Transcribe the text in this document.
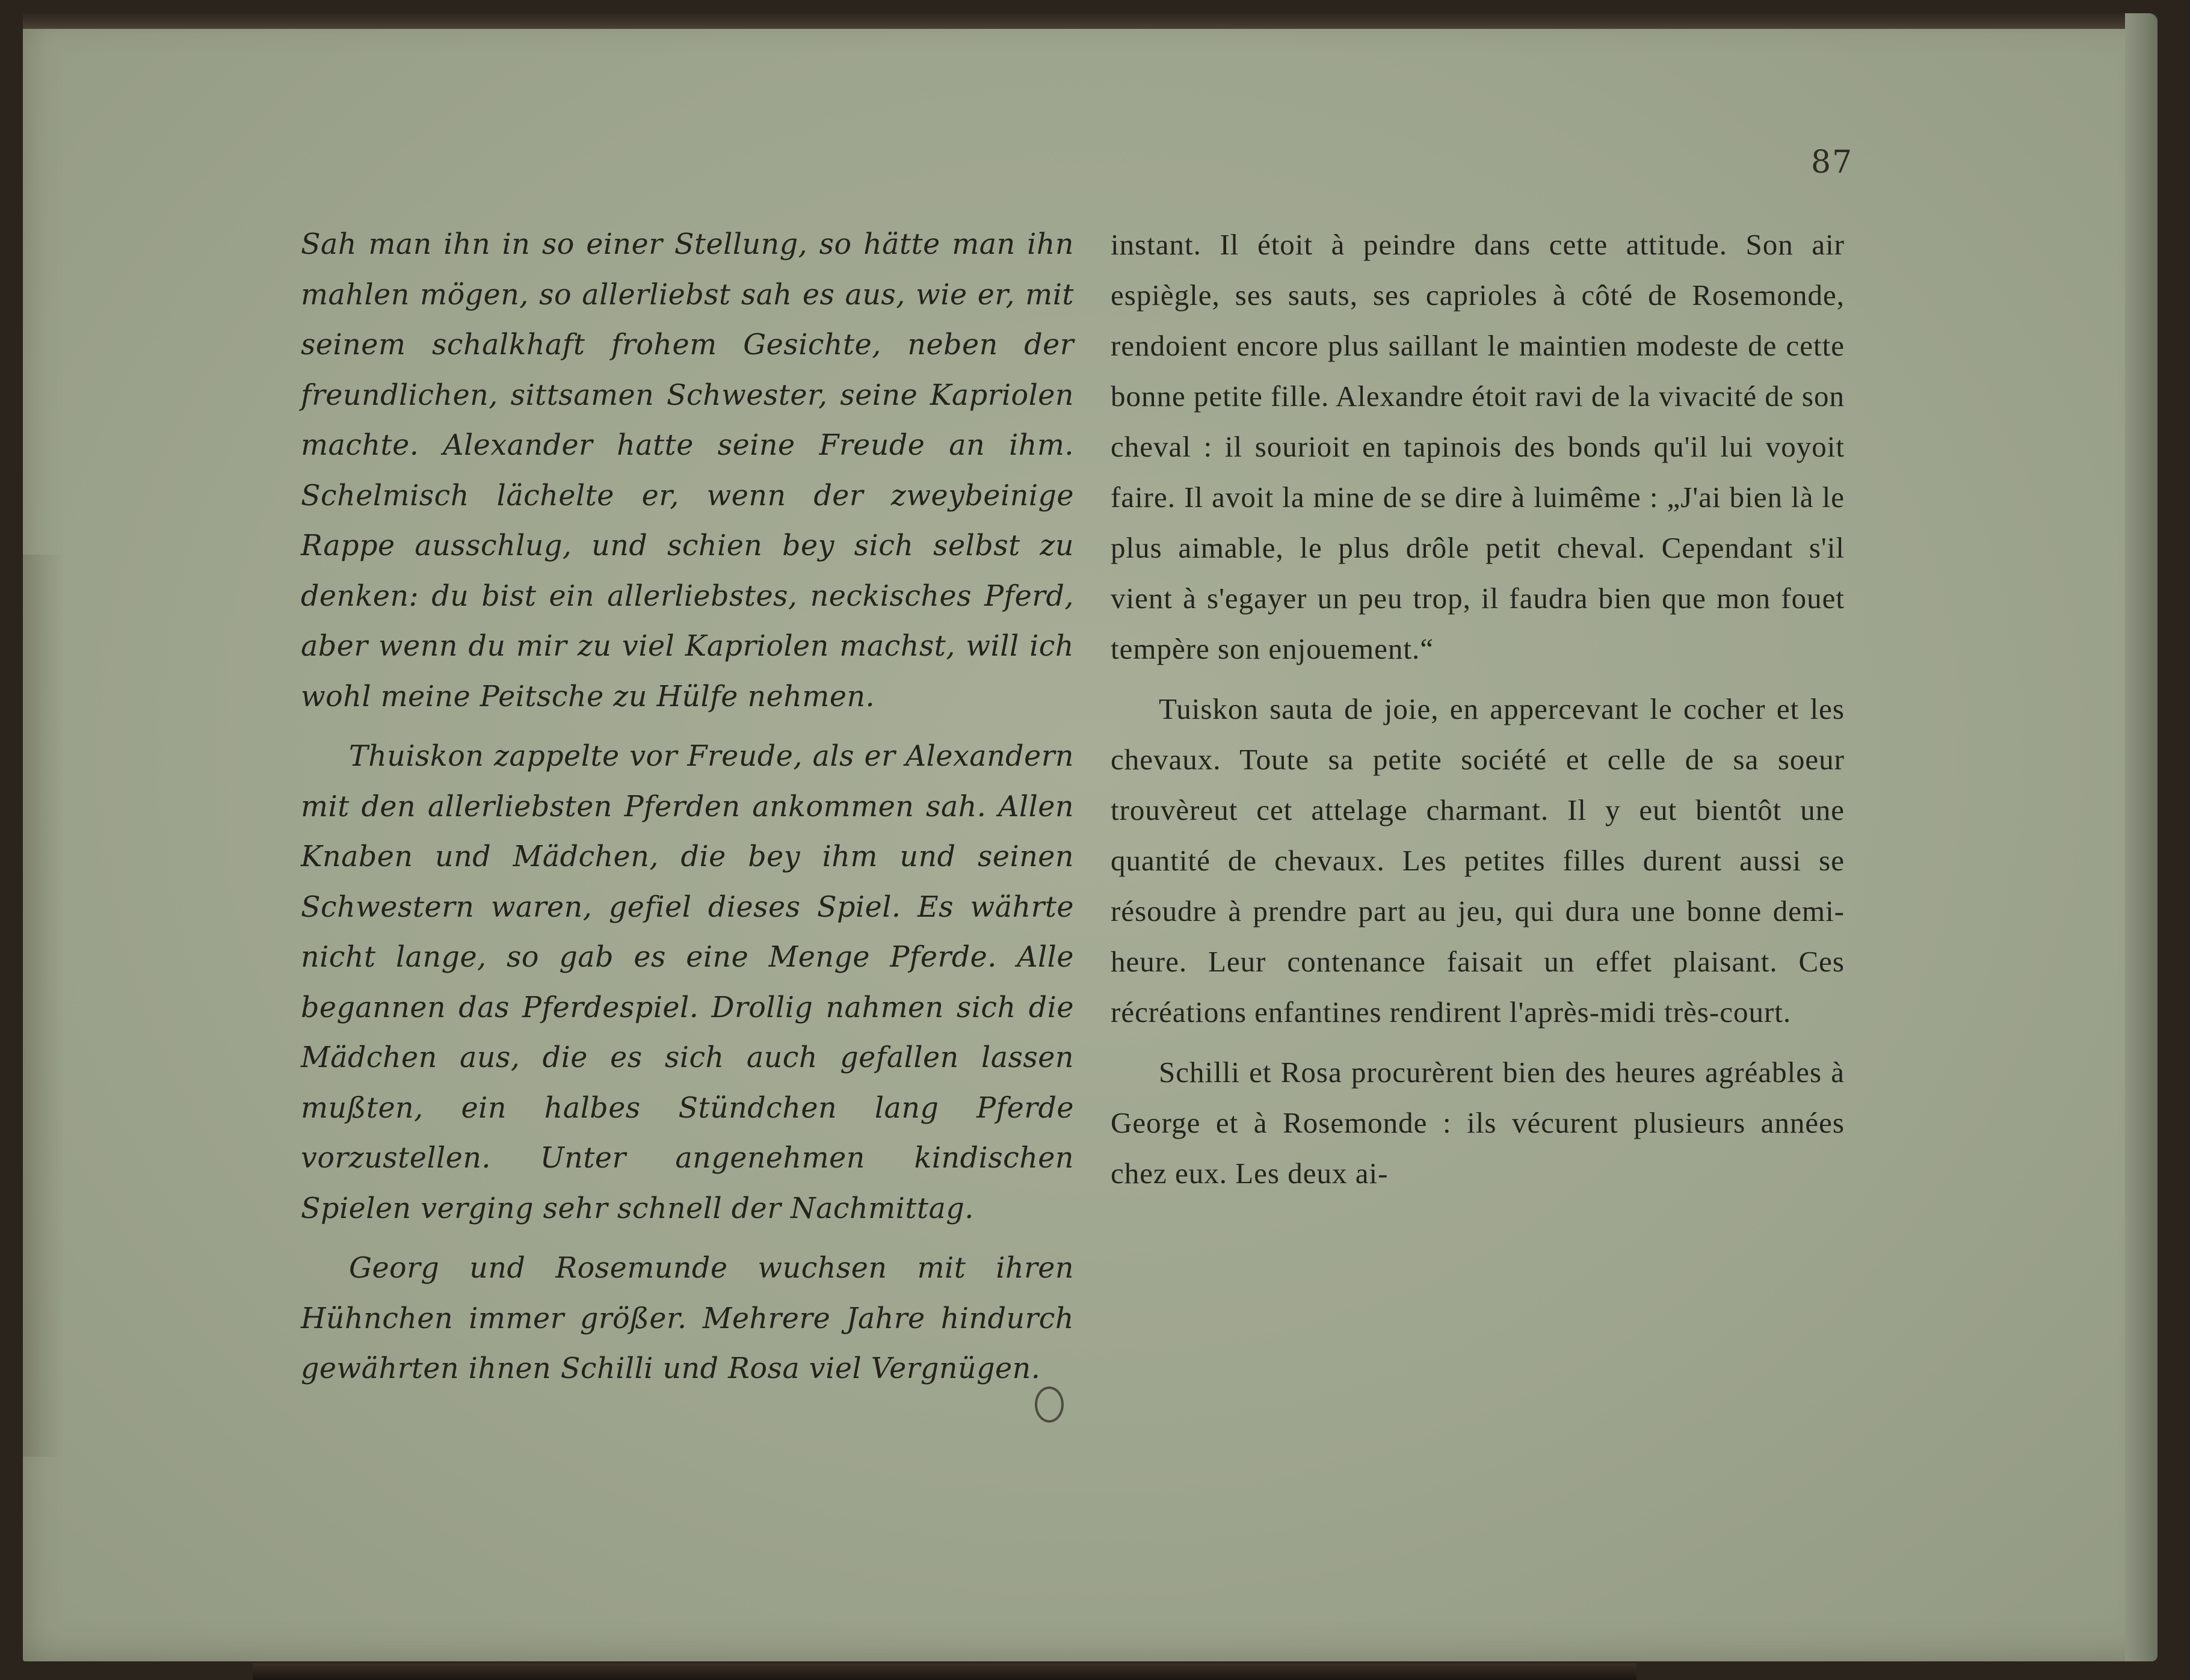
87

Sah man ihn in so einer Stellung, so hätte man ihn mahlen mögen, so allerliebst sah es aus, wie er, mit seinem schalkhaft frohem Gesichte, neben der freundlichen, sittsamen Schwester, seine Kapriolen machte. Alexander hatte seine Freude an ihm. Schelmisch lächelte er, wenn der zweybeinige Rappe ausschlug, und schien bey sich selbst zu denken: du bist ein allerliebstes, neckisches Pferd, aber wenn du mir zu viel Kapriolen machst, will ich wohl meine Peitsche zu Hülfe nehmen.

Thuiskon zappelte vor Freude, als er Alexandern mit den allerliebsten Pferden ankommen sah. Allen Knaben und Mädchen, die bey ihm und seinen Schwestern waren, gefiel dieses Spiel. Es währte nicht lange, so gab es eine Menge Pferde. Alle begannen das Pferdespiel. Drollig nahmen sich die Mädchen aus, die es sich auch gefallen lassen mußten, ein halbes Stündchen lang Pferde vorzustellen. Unter angenehmen kindischen Spielen verging sehr schnell der Nachmittag.

Georg und Rosemunde wuchsen mit ihren Hühnchen immer größer. Mehrere Jahre hindurch gewährten ihnen Schilli und Rosa viel Vergnügen.

instant. Il étoit à peindre dans cette attitude. Son air espiègle, ses sauts, ses caprioles à côté de Rosemonde, rendoient encore plus saillant le maintien modeste de cette bonne petite fille. Alexandre étoit ravi de la vivacité de son cheval : il sourioit en tapinois des bonds qu'il lui voyoit faire. Il avoit la mine de se dire à luimême : „J'ai bien là le plus aimable, le plus drôle petit cheval. Cependant s'il vient à s'egayer un peu trop, il faudra bien que mon fouet tempère son enjouement.“

Tuiskon sauta de joie, en appercevant le cocher et les chevaux. Toute sa petite société et celle de sa soeur trouvèreut cet attelage charmant. Il y eut bientôt une quantité de chevaux. Les petites filles durent aussi se résoudre à prendre part au jeu, qui dura une bonne demi-heure. Leur contenance faisait un effet plaisant. Ces récréations enfantines rendirent l'après-midi très-court.

Schilli et Rosa procurèrent bien des heures agréables à George et à Rosemonde : ils vécurent plusieurs années chez eux. Les deux ai-
